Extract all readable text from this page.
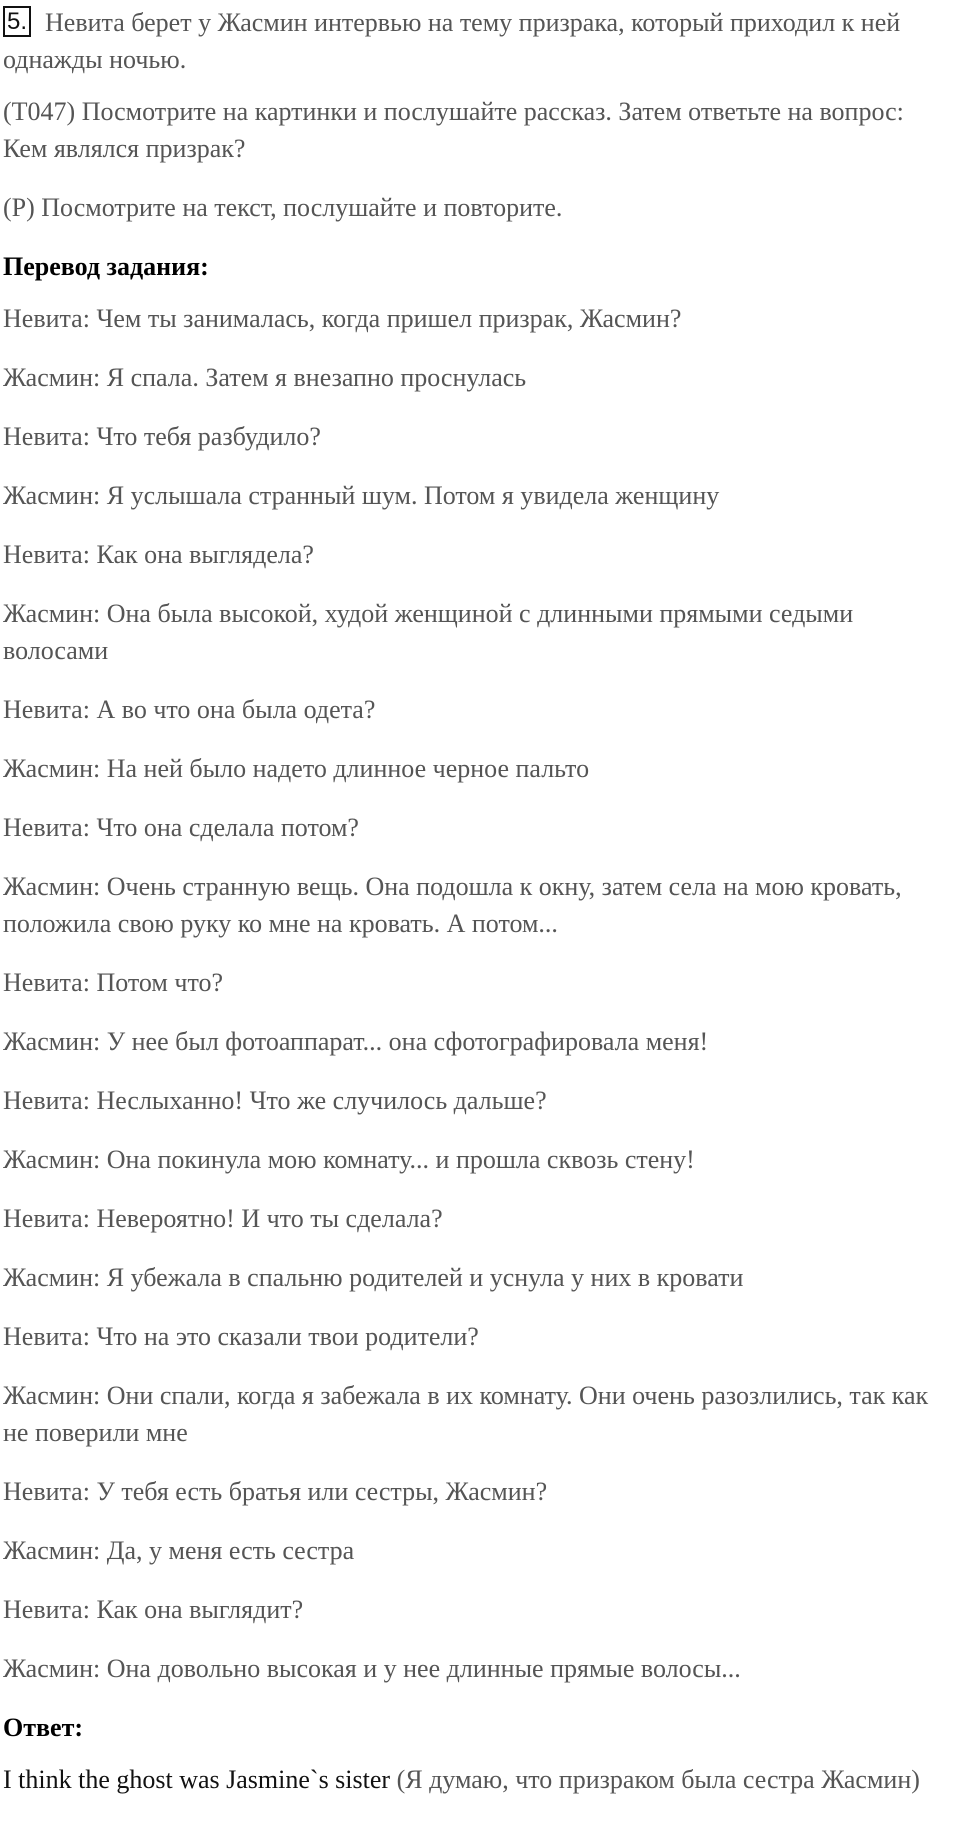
5. Невита берет у Жасмин интервью на тему призрака, который приходил к ней однажды ночью.
(T047) Посмотрите на картинки и послушайте рассказ. Затем ответьте на вопрос: Кем являлся призрак?
(P) Посмотрите на текст, послушайте и повторите.
Перевод задания:
Невита: Чем ты занималась, когда пришел призрак, Жасмин?
Жасмин: Я спала. Затем я внезапно проснулась
Невита: Что тебя разбудило?
Жасмин: Я услышала странный шум. Потом я увидела женщину
Невита: Как она выглядела?
Жасмин: Она была высокой, худой женщиной с длинными прямыми седыми волосами
Невита: А во что она была одета?
Жасмин: На ней было надето длинное черное пальто
Невита: Что она сделала потом?
Жасмин: Очень странную вещь. Она подошла к окну, затем села на мою кровать, положила свою руку ко мне на кровать. А потом...
Невита: Потом что?
Жасмин: У нее был фотоаппарат... она сфотографировала меня!
Невита: Неслыханно! Что же случилось дальше?
Жасмин: Она покинула мою комнату... и прошла сквозь стену!
Невита: Невероятно! И что ты сделала?
Жасмин: Я убежала в спальню родителей и уснула у них в кровати
Невита: Что на это сказали твои родители?
Жасмин: Они спали, когда я забежала в их комнату. Они очень разозлились, так как не поверили мне
Невита: У тебя есть братья или сестры, Жасмин?
Жасмин: Да, у меня есть сестра
Невита: Как она выглядит?
Жасмин: Она довольно высокая и у нее длинные прямые волосы...
Ответ:
I think the ghost was Jasmine`s sister (Я думаю, что призраком была сестра Жасмин)
